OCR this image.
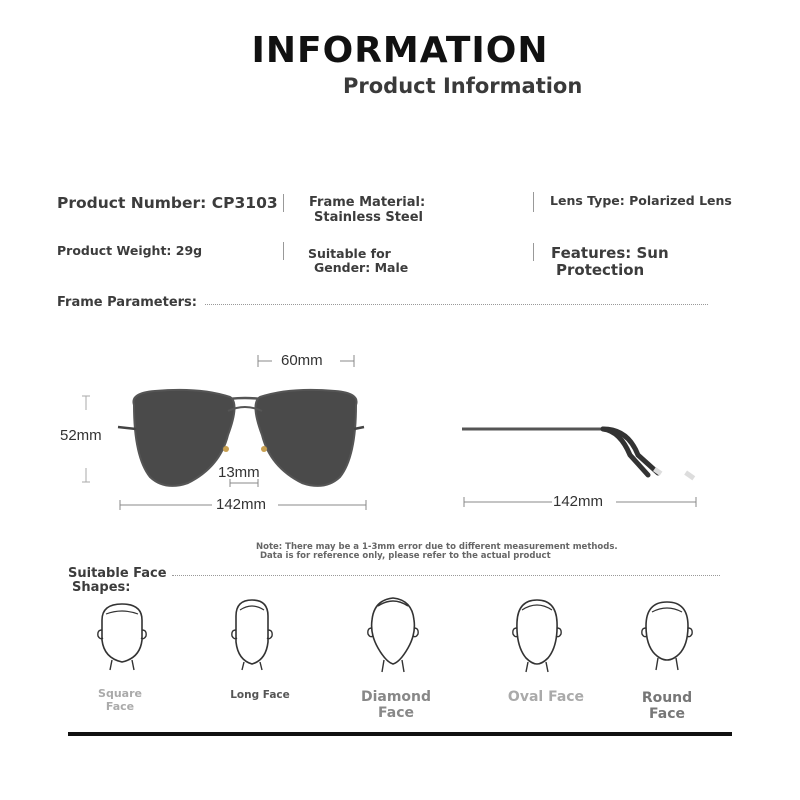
INFORMATION
Product Information
Product Number: CP3103 Frame Material:
Stainless Steel
Lens Type: Polarized Lens
Product Weight: 29g	Suitable for
Gender: Male
Features: Sun
Protection
Frame Parameters:
60mm
13mm
142mm
52mm
142mm
Note: There may be a 1-3mm error due to different measurement methods.
Data is for reference only, please refer to the actual product
Suitable Face
Shapes:
Square
Face
Long Face	Diamond
Face
Oval Face	Round
Face
